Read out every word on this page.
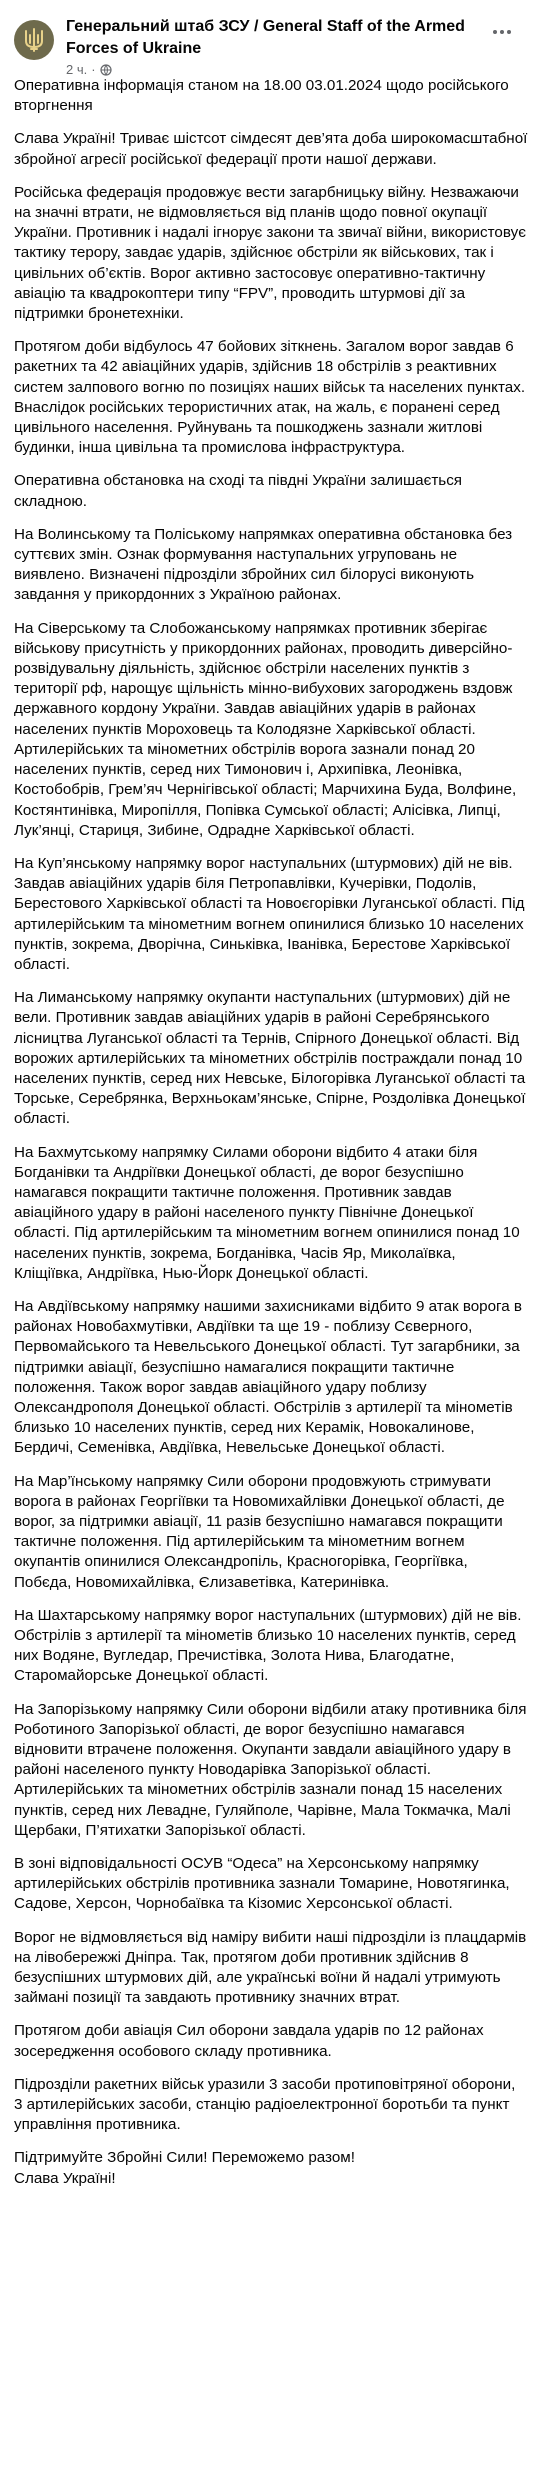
Генеральний штаб ЗСУ / General Staff of the Armed Forces of Ukraine
2 ч. ·

Оперативна інформація станом на 18.00 03.01.2024 щодо російського вторгнення

Слава Україні! Триває шістсот сімдесят дев’ята доба широкомасштабної збройної агресії російської федерації проти нашої держави.

Російська федерація продовжує вести загарбницьку війну. Незважаючи на значні втрати, не відмовляється від планів щодо повної окупації України. Противник і надалі ігнорує закони та звичаї війни, використовує тактику терору, завдає ударів, здійснює обстріли як військових, так і цивільних об’єктів. Ворог активно застосовує оперативно-тактичну авіацію та квадрокоптери типу “FPV”, проводить штурмові дії за підтримки бронетехніки.

Протягом доби відбулось 47 бойових зіткнень. Загалом ворог завдав 6 ракетних та 42 авіаційних ударів, здійснив 18 обстрілів з реактивних систем залпового вогню по позиціях наших військ та населених пунктах. Внаслідок російських терористичних атак, на жаль, є поранені серед цивільного населення. Руйнувань та пошкоджень зазнали житлові будинки, інша цивільна та промислова інфраструктура.

Оперативна обстановка на сході та півдні України залишається складною.

На Волинському та Поліському напрямках оперативна обстановка без суттєвих змін. Ознак формування наступальних угруповань не виявлено. Визначені підрозділи збройних сил білорусі виконують завдання у прикордонних з Україною районах.

На Сіверському та Слобожанському напрямках противник зберігає військову присутність у прикордонних районах, проводить диверсійно-розвідувальну діяльність, здійснює обстріли населених пунктів з території рф, нарощує щільність мінно-вибухових загороджень вздовж державного кордону України. Завдав авіаційних ударів в районах населених пунктів Мороховець та Колодязне Харківської області. Артилерійських та мінометних обстрілів ворога зазнали понад 20 населених пунктів, серед них Тимонович і, Архипівка, Леонівка, Костобобрів, Грем’яч Чернігівської області; Марчихина Буда, Волфине, Костянтинівка, Миропілля, Попівка Сумської області; Алісівка, Липці, Лук’янці, Стариця, Зибине, Одрадне Харківської області.

На Куп’янському напрямку ворог наступальних (штурмових) дій не вів. Завдав авіаційних ударів біля Петропавлівки, Кучерівки, Подолів, Берестового Харківської області та Новоєгорівки Луганської області. Під артилерійським та мінометним вогнем опинилися близько 10 населених пунктів, зокрема, Дворічна, Синьківка, Іванівка, Берестове Харківської області.

На Лиманському напрямку окупанти наступальних (штурмових) дій не вели. Противник завдав авіаційних ударів в районі Серебрянського лісництва Луганської області та Тернів, Спірного Донецької області. Від ворожих артилерійських та мінометних обстрілів постраждали понад 10 населених пунктів, серед них Невське, Білогорівка Луганської області та Торське, Серебрянка, Верхньокам’янське, Спірне, Роздолівка Донецької області.

На Бахмутському напрямку Силами оборони відбито 4 атаки біля Богданівки та Андріївки Донецької області, де ворог безуспішно намагався покращити тактичне положення. Противник завдав авіаційного удару в районі населеного пункту Північне Донецької області. Під артилерійським та мінометним вогнем опинилися понад 10 населених пунктів, зокрема, Богданівка, Часів Яр, Миколаївка, Кліщіївка, Андріївка, Нью-Йорк Донецької області.

На Авдіївському напрямку нашими захисниками відбито 9 атак ворога в районах Новобахмутівки, Авдіївки та ще 19 - поблизу Сєверного, Первомайського та Невельського Донецької області. Тут загарбники, за підтримки авіації, безуспішно намагалися покращити тактичне положення. Також ворог завдав авіаційного удару поблизу Олександрополя Донецької області. Обстрілів з артилерії та мінометів близько 10 населених пунктів, серед них Керамік, Новокалинове, Бердичі, Семенівка, Авдіївка, Невельське Донецької області.

На Мар’їнському напрямку Сили оборони продовжують стримувати ворога в районах Георгіївки та Новомихайлівки Донецької області, де ворог, за підтримки авіації, 11 разів безуспішно намагався покращити тактичне положення. Під артилерійським та мінометним вогнем окупантів опинилися Олександропіль, Красногорівка, Георгіївка, Побєда, Новомихайлівка, Єлизаветівка, Катеринівка.

На Шахтарському напрямку ворог наступальних (штурмових) дій не вів. Обстрілів з артилерії та мінометів близько 10 населених пунктів, серед них Водяне, Вугледар, Пречистівка, Золота Нива, Благодатне, Старомайорське Донецької області.

На Запорізькому напрямку Сили оборони відбили атаку противника біля Роботиного Запорізької області, де ворог безуспішно намагався відновити втрачене положення. Окупанти завдали авіаційного удару в районі населеного пункту Новодарівка Запорізької області. Артилерійських та мінометних обстрілів зазнали понад 15 населених пунктів, серед них Левадне, Гуляйполе, Чарівне, Мала Токмачка, Малі Щербаки, П’ятихатки Запорізької області.

В зоні відповідальності ОСУВ “Одеса” на Херсонському напрямку артилерійських обстрілів противника зазнали Томарине, Новотягинка, Садове, Херсон, Чорнобаївка та Кізомис Херсонської області.

Ворог не відмовляється від наміру вибити наші підрозділи із плацдармів на лівобережжі Дніпра. Так, протягом доби противник здійснив 8 безуспішних штурмових дій, але українські воїни й надалі утримують займані позиції та завдають противнику значних втрат.

Протягом доби авіація Сил оборони завдала ударів по 12 районах зосередження особового складу противника.

Підрозділи ракетних військ уразили 3 засоби протиповітряної оборони, 3 артилерійських засоби, станцію радіоелектронної боротьби та пункт управління противника.

Підтримуйте Збройні Сили! Переможемо разом!
Слава Україні!
